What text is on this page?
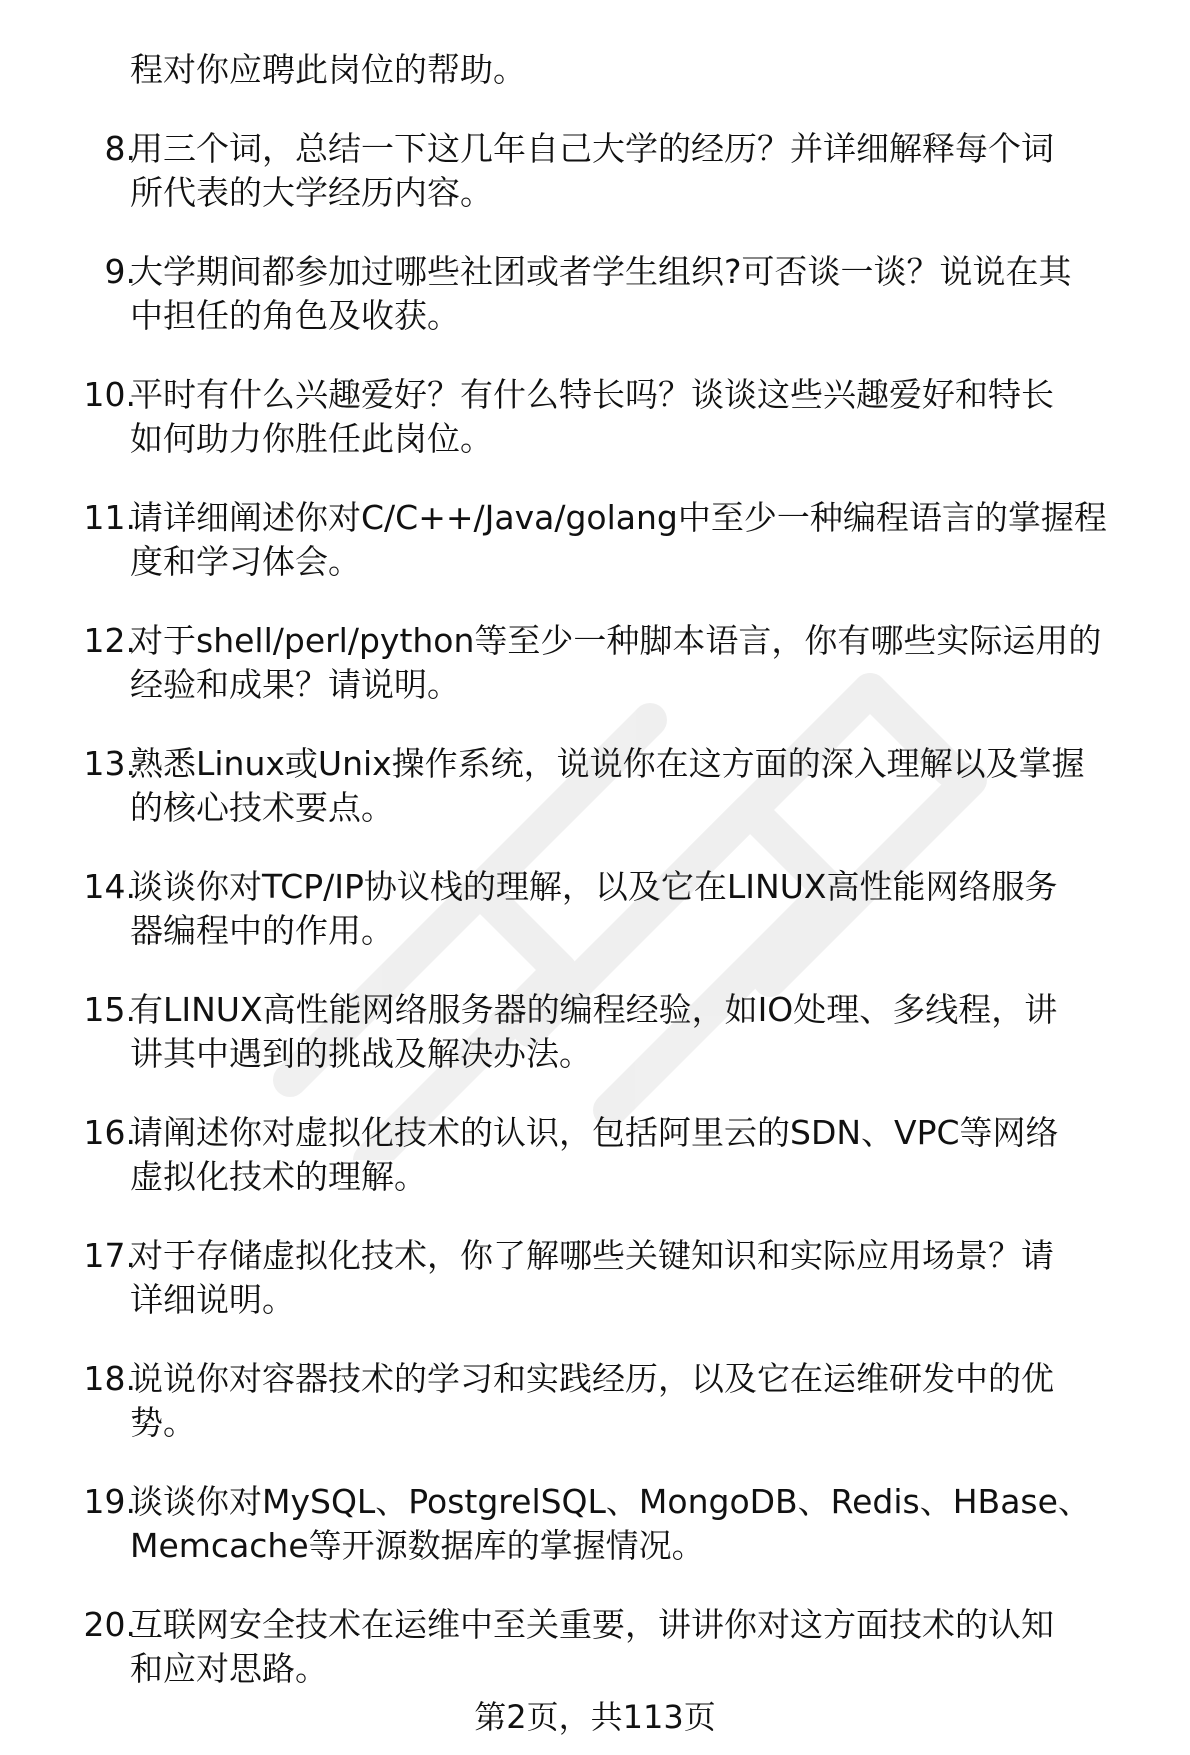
程对你应聘此岗位的帮助。
8.
用三个词，总结一下这几年自己大学的经历？并详细解释每个词
所代表的大学经历内容。
9.
大学期间都参加过哪些社团或者学生组织?可否谈一谈？说说在其
中担任的角色及收获。
10.
平时有什么兴趣爱好？有什么特长吗？谈谈这些兴趣爱好和特长
如何助力你胜任此岗位。
11.
请详细阐述你对C/C++/Java/golang中至少一种编程语言的掌握程
度和学习体会。
12.
对于shell/perl/python等至少一种脚本语言，你有哪些实际运用的
经验和成果？请说明。
13.
熟悉Linux或Unix操作系统，说说你在这方面的深入理解以及掌握
的核心技术要点。
14.
谈谈你对TCP/IP协议栈的理解，以及它在LINUX高性能网络服务
器编程中的作用。
15.
有LINUX高性能网络服务器的编程经验，如IO处理、多线程，讲
讲其中遇到的挑战及解决办法。
16.
请阐述你对虚拟化技术的认识，包括阿里云的SDN、VPC等网络
虚拟化技术的理解。
17.
对于存储虚拟化技术，你了解哪些关键知识和实际应用场景？请
详细说明。
18.
说说你对容器技术的学习和实践经历，以及它在运维研发中的优
势。
19.
谈谈你对MySQL、PostgrelSQL、MongoDB、Redis、HBase、
Memcache等开源数据库的掌握情况。
20.
互联网安全技术在运维中至关重要，讲讲你对这方面技术的认知
和应对思路。
第2页，共113页
